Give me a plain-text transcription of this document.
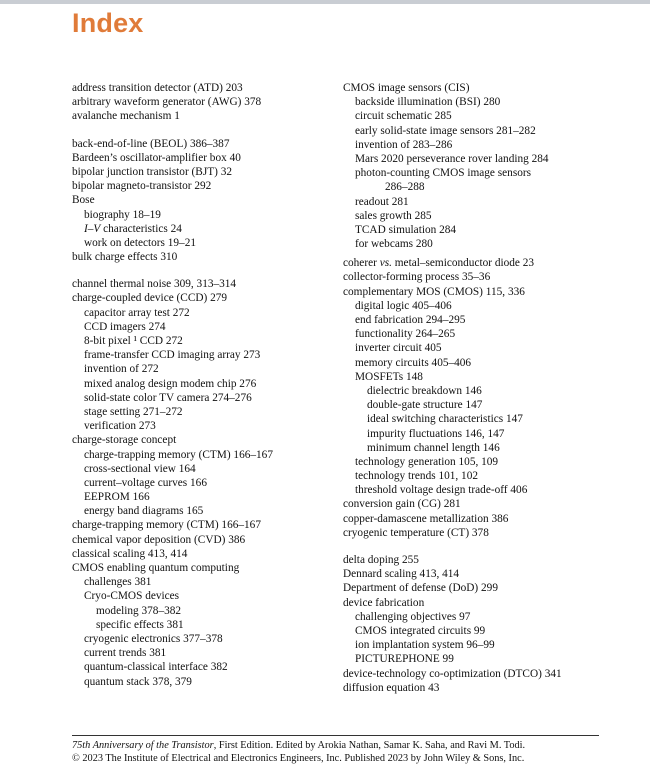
Index
address transition detector (ATD) 203
arbitrary waveform generator (AWG) 378
avalanche mechanism 1
back-end-of-line (BEOL) 386–387
Bardeen’s oscillator-amplifier box 40
bipolar junction transistor (BJT) 32
bipolar magneto-transistor 292
Bose
biography 18–19
I–V characteristics 24
work on detectors 19–21
bulk charge effects 310
channel thermal noise 309, 313–314
charge-coupled device (CCD) 279
capacitor array test 272
CCD imagers 274
8-bit pixel ¹ CCD 272
frame-transfer CCD imaging array 273
invention of 272
mixed analog design modem chip 276
solid-state color TV camera 274–276
stage setting 271–272
verification 273
charge-storage concept
charge-trapping memory (CTM) 166–167
cross-sectional view 164
current–voltage curves 166
EEPROM 166
energy band diagrams 165
charge-trapping memory (CTM) 166–167
chemical vapor deposition (CVD) 386
classical scaling 413, 414
CMOS enabling quantum computing
challenges 381
Cryo-CMOS devices
modeling 378–382
specific effects 381
cryogenic electronics 377–378
current trends 381
quantum-classical interface 382
quantum stack 378, 379
CMOS image sensors (CIS)
backside illumination (BSI) 280
circuit schematic 285
early solid-state image sensors 281–282
invention of 283–286
Mars 2020 perseverance rover landing 284
photon-counting CMOS image sensors
286–288
readout 281
sales growth 285
TCAD simulation 284
for webcams 280
coherer vs. metal–semiconductor diode 23
collector-forming process 35–36
complementary MOS (CMOS) 115, 336
digital logic 405–406
end fabrication 294–295
functionality 264–265
inverter circuit 405
memory circuits 405–406
MOSFETs 148
dielectric breakdown 146
double-gate structure 147
ideal switching characteristics 147
impurity fluctuations 146, 147
minimum channel length 146
technology generation 105, 109
technology trends 101, 102
threshold voltage design trade-off 406
conversion gain (CG) 281
copper-damascene metallization 386
cryogenic temperature (CT) 378
delta doping 255
Dennard scaling 413, 414
Department of defense (DoD) 299
device fabrication
challenging objectives 97
CMOS integrated circuits 99
ion implantation system 96–99
PICTUREPHONE 99
device-technology co-optimization (DTCO) 341
diffusion equation 43
75th Anniversary of the Transistor, First Edition. Edited by Arokia Nathan, Samar K. Saha, and Ravi M. Todi.
© 2023 The Institute of Electrical and Electronics Engineers, Inc. Published 2023 by John Wiley & Sons, Inc.
